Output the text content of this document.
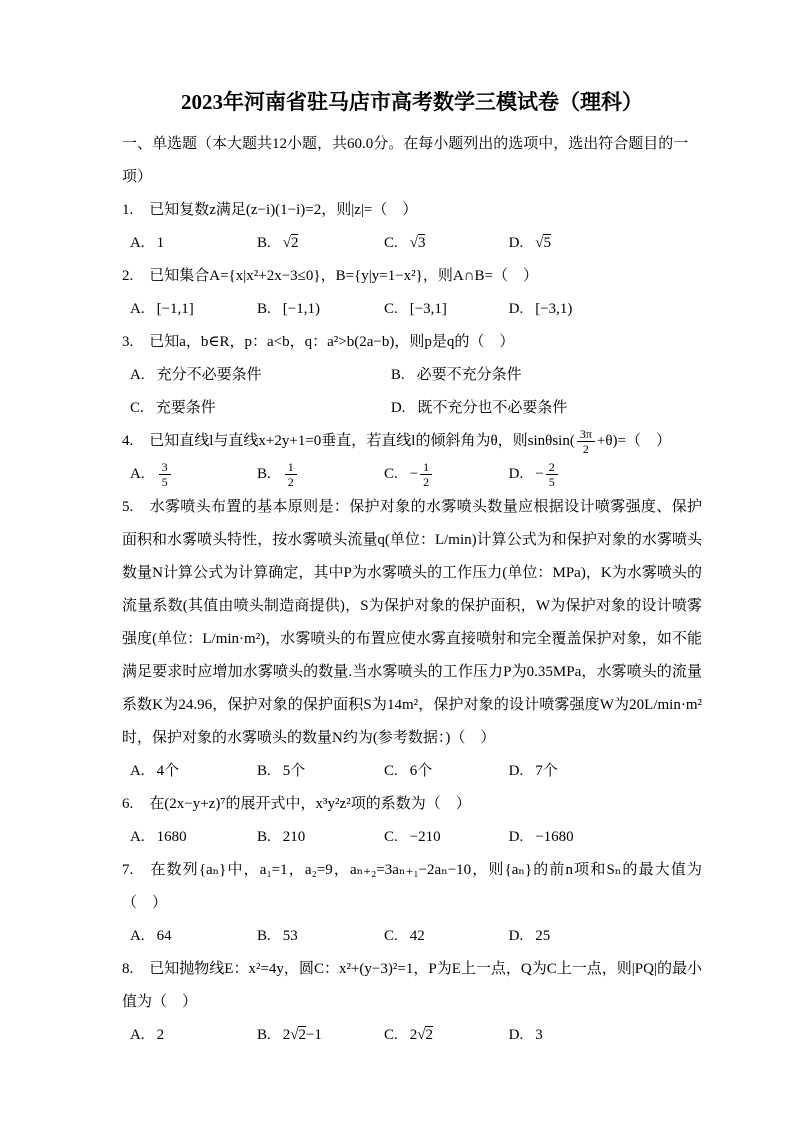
2023年河南省驻马店市高考数学三模试卷（理科）

一、单选题（本大题共12小题，共60.0分。在每小题列出的选项中，选出符合题目的一项）

1. 已知复数z满足(z−i)(1−i)=2，则|z|=（　）

A. 1	B. √2	C. √3	D. √5

2. 已知集合A={x|x²+2x−3≤0}，B={y|y=1−x²}，则A∩B=（　）

A. [−1,1]	B. [−1,1)	C. [−3,1]	D. [−3,1)

3. 已知a，b∈R，p：a<b，q：a²>b(2a−b)，则p是q的（　）

A. 充分不必要条件	B. 必要不充分条件
C. 充要条件	D. 既不充分也不必要条件

4. 已知直线l与直线x+2y+1=0垂直，若直线l的倾斜角为θ，则$\sin\theta\sin( \frac{3\pi}{2} +\theta)=$（　）

A. $\frac{3}{5}$	B. $\frac{1}{2}$	C. − $\frac{1}{2}$	D. − $\frac{2}{5}$

5. 水雾喷头布置的基本原则是：保护对象的水雾喷头数量应根据设计喷雾强度、保护面积和水雾喷头特性，按水雾喷头流量q(单位：L/min)计算公式为和保护对象的水雾喷头数量N计算公式为计算确定，其中P为水雾喷头的工作压力(单位：MPa)，K为水雾喷头的流量系数(其值由喷头制造商提供)，S为保护对象的保护面积，W为保护对象的设计喷雾强度(单位：L/min·m²)，水雾喷头的布置应使水雾直接喷射和完全覆盖保护对象，如不能满足要求时应增加水雾喷头的数量.当水雾喷头的工作压力P为0.35MPa，水雾喷头的流量系数K为24.96，保护对象的保护面积S为14m²，保护对象的设计喷雾强度W为20L/min·m²时，保护对象的水雾喷头的数量N约为(参考数据：)（　）

A. 4个	B. 5个	C. 6个	D. 7个

6. 在(2x−y+z)⁷的展开式中，x³y²z²项的系数为（　）

A. 1680	B. 210	C. −210	D. −1680

7. 在数列{aₙ}中，a₁=1，a₂=9，aₙ₊₂=3aₙ₊₁−2aₙ−10，则{aₙ}的前n项和Sₙ的最大值为（　）

A. 64	B. 53	C. 42	D. 25

8. 已知抛物线E：x²=4y，圆C：x²+(y−3)²=1，P为E上一点，Q为C上一点，则|PQ|的最小值为（　）

A. 2	B. 2√2−1	C. 2√2	D. 3
